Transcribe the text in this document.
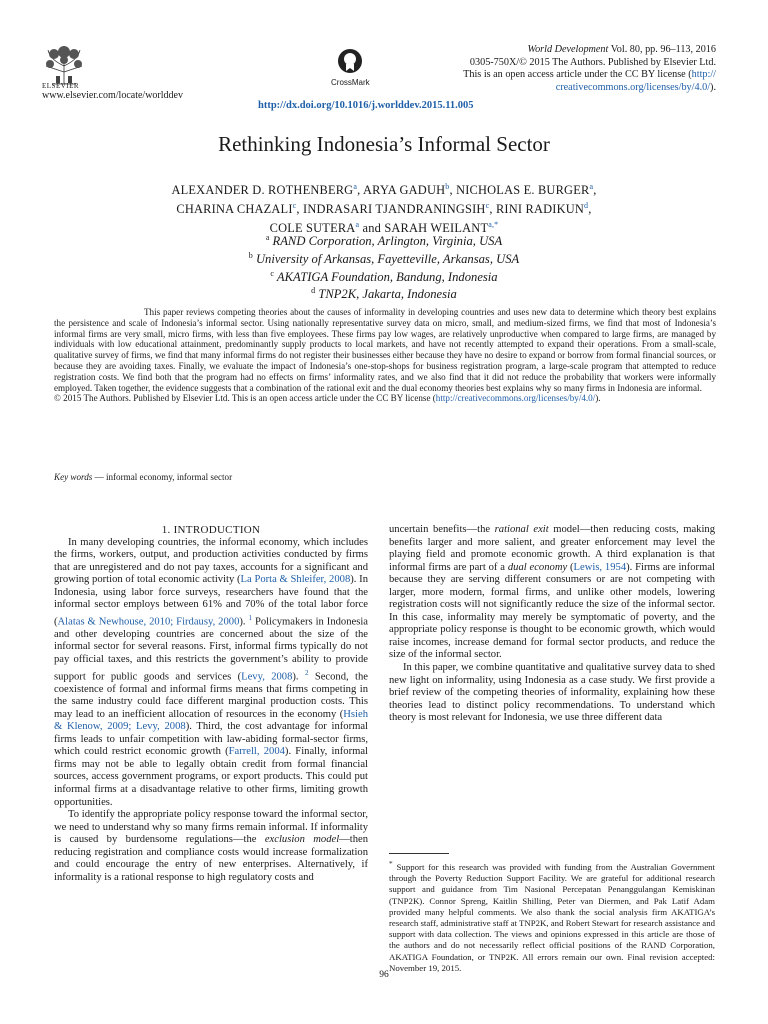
ELSEVIER
www.elsevier.com/locate/worlddev
CrossMark
World Development Vol. 80, pp. 96–113, 2016
0305-750X/© 2015 The Authors. Published by Elsevier Ltd.
This is an open access article under the CC BY license (http://
creativecommons.org/licenses/by/4.0/).
http://dx.doi.org/10.1016/j.worlddev.2015.11.005
Rethinking Indonesia’s Informal Sector
ALEXANDER D. ROTHENBERG$^a$, ARYA GADUH$^b$, NICHOLAS E. BURGER$^a$,
CHARINA CHAZALI$^c$, INDRASARI TJANDRANINGSIH$^c$, RINI RADIKUN$^d$,
COLE SUTERA$^a$ and SARAH $WEILANT^{a,*}$
$^a$ RAND Corporation, Arlington, Virginia, USA
$^b$ University of Arkansas, Fayetteville, Arkansas, USA
$^c$ AKATIGA Foundation, Bandung, Indonesia
$^d$ TNP2K, Jakarta, Indonesia

This paper reviews competing theories about the causes of informality in developing countries and uses new data to determine which theory best explains the persistence and scale of Indonesia’s informal sector. Using nationally representative survey data on micro, small, and medium-sized firms, we find that most of Indonesia’s informal firms are very small, micro firms, with less than five employees. These firms pay low wages, are relatively unproductive when compared to large firms, are managed by individuals with low educational attainment, predominantly supply products to local markets, and have not recently attempted to expand their operations. From a small-scale, qualitative survey of firms, we find that many informal firms do not register their businesses either because they have no desire to expand or borrow from formal financial sources, or because they are avoiding taxes. Finally, we evaluate the impact of Indonesia’s one-stop-shops for business registration program, a large-scale program that attempted to reduce registration costs. We find both that the program had no effects on firms’ informality rates, and we also find that it did not reduce the probability that workers were informally employed. Taken together, the evidence suggests that a combination of the rational exit and the dual economy theories best explains why so many firms in Indonesia are informal.

© 2015 The Authors. Published by Elsevier Ltd. This is an open access article under the CC BY license (http://creativecommons.org/licenses/by/4.0/).

Key words — informal economy, informal sector

1. INTRODUCTION

In many developing countries, the informal economy, which includes the firms, workers, output, and production activities conducted by firms that are unregistered and do not pay taxes, accounts for a significant and growing portion of total economic activity (La Porta & Shleifer, 2008). In Indonesia, using labor force surveys, researchers have found that the informal sector employs between 61% and 70% of the total labor force (Alatas & Newhouse, 2010; Firdausy, 2000). $^1$ Policymakers in Indonesia and other developing countries are concerned about the size of the informal sector for several reasons. First, informal firms typically do not pay official taxes, and this restricts the government’s ability to provide support for public goods and services (Levy, 2008). $^2$ Second, the coexistence of formal and informal firms means that firms competing in the same industry could face different marginal production costs. This may lead to an inefficient allocation of resources in the economy (Hsieh & Klenow, 2009; Levy, 2008). Third, the cost advantage for informal firms leads to unfair competition with law-abiding formal-sector firms, which could restrict economic growth (Farrell, 2004). Finally, informal firms may not be able to legally obtain credit from formal financial sources, access government programs, or export products. This could put informal firms at a disadvantage relative to other firms, limiting growth opportunities.

To identify the appropriate policy response toward the informal sector, we need to understand why so many firms remain informal. If informality is caused by burdensome regulations—the exclusion model—then reducing registration and compliance costs would increase formalization and could encourage the entry of new enterprises. Alternatively, if informality is a rational response to high regulatory costs and

uncertain benefits—the rational exit model—then reducing costs, making benefits larger and more salient, and greater enforcement may level the playing field and promote economic growth. A third explanation is that informal firms are part of a dual economy (Lewis, 1954). Firms are informal because they are serving different consumers or are not competing with larger, more modern, formal firms, and unlike other models, lowering registration costs will not significantly reduce the size of the informal sector. In this case, informality may merely be symptomatic of poverty, and the appropriate policy response is thought to be economic growth, which would raise incomes, increase demand for formal sector products, and reduce the size of the informal sector.

In this paper, we combine quantitative and qualitative survey data to shed new light on informality, using Indonesia as a case study. We first provide a brief review of the competing theories of informality, explaining how these theories lead to distinct policy recommendations. To understand which theory is most relevant for Indonesia, we use three different data

* Support for this research was provided with funding from the Australian Government through the Poverty Reduction Support Facility. We are grateful for additional research support and guidance from Tim Nasional Percepatan Penanggulangan Kemiskinan (TNP2K). Connor Spreng, Kaitlin Shilling, Peter van Diermen, and Pak Latif Adam provided many helpful comments. We also thank the social analysis firm AKATIGA’s research staff, administrative staff at TNP2K, and Robert Stewart for research assistance and support with data collection. The views and opinions expressed in this article are those of the authors and do not necessarily reflect official positions of the RAND Corporation, AKATIGA Foundation, or TNP2K. All errors remain our own. Final revision accepted: November 19, 2015.
96
